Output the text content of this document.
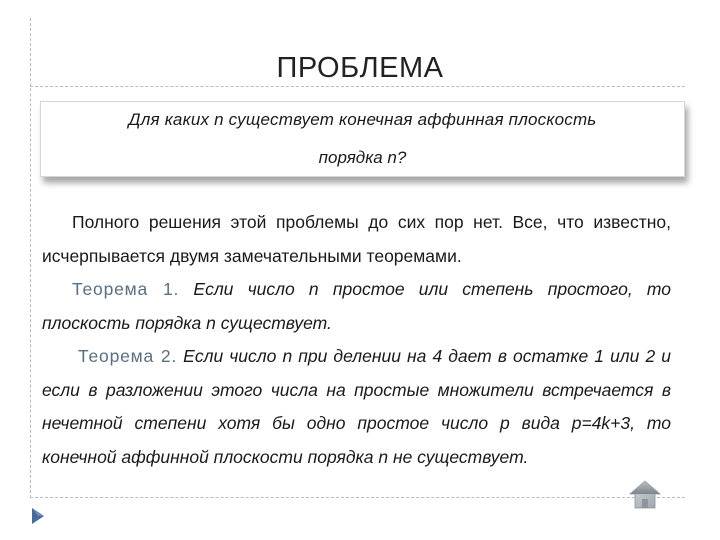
ПРОБЛЕМА
Для каких n существует конечная аффинная плоскость
порядка n?

Полного решения этой проблемы до сих пор нет. Все, что известно, исчерпывается двумя замечательными теоремами.

Теорема 1. Если число n простое или степень простого, то плоскость порядка n существует.

Теорема 2. Если число n при делении на 4 дает в остатке 1 или 2 и если в разложении этого числа на простые множители встречается в нечетной степени хотя бы одно простое число p вида p=4k+3, то конечной аффинной плоскости порядка n не существует.
